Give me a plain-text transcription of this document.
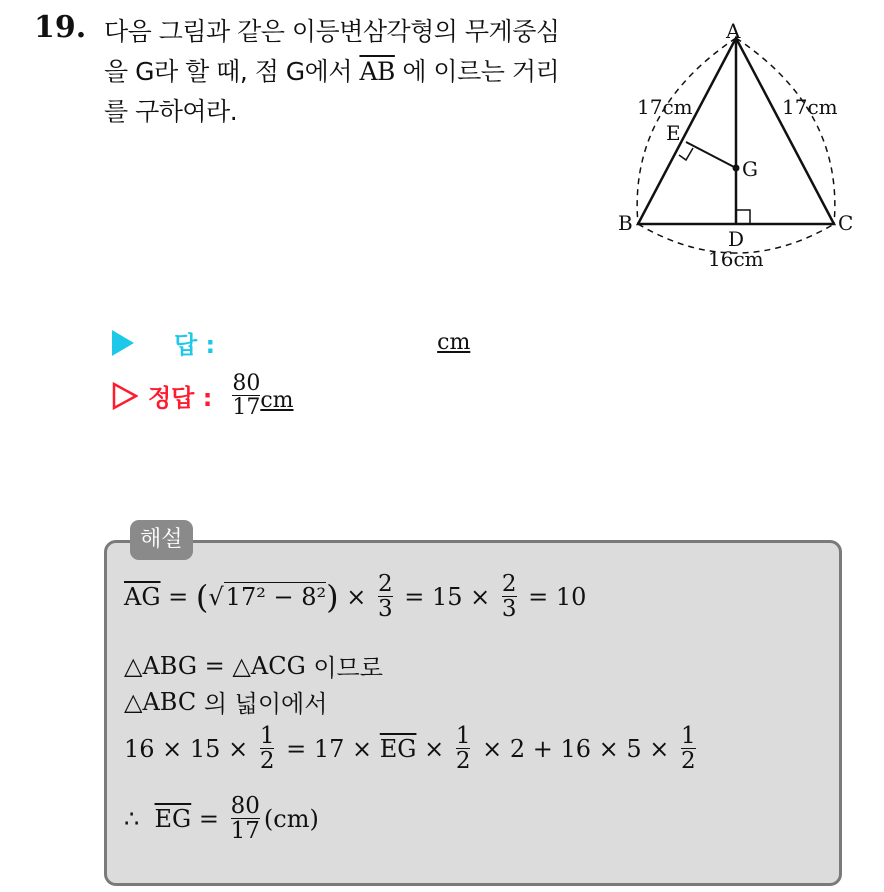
19. 다음 그림과 같은 이등변삼각형의 무게중심
을 G라 할 때, 점 G에서 $\overline{AB}$ 에 이르는 거리
를 구하여라.
A
B	C
D
E
G
17cm	17cm
16cm
답 :	cm
정답 : $\frac{80}{17}$ cm
해설
$\overline{AG}$ = ( √ 17² − 8² ) × $\frac{2}{3} = 15 \times \frac{2}{3} = 10$
△ABG = △ACG 이므로
△ABC 의 넓이에서
$16 \times 15 \times \frac{1}{2} = 17 \times \overline{EG} \times \frac{1}{2} \times 2 + 16 \times 5 \times \frac{1}{2}$
∴ $\overline{EG} = \frac{80}{17} (cm)$
